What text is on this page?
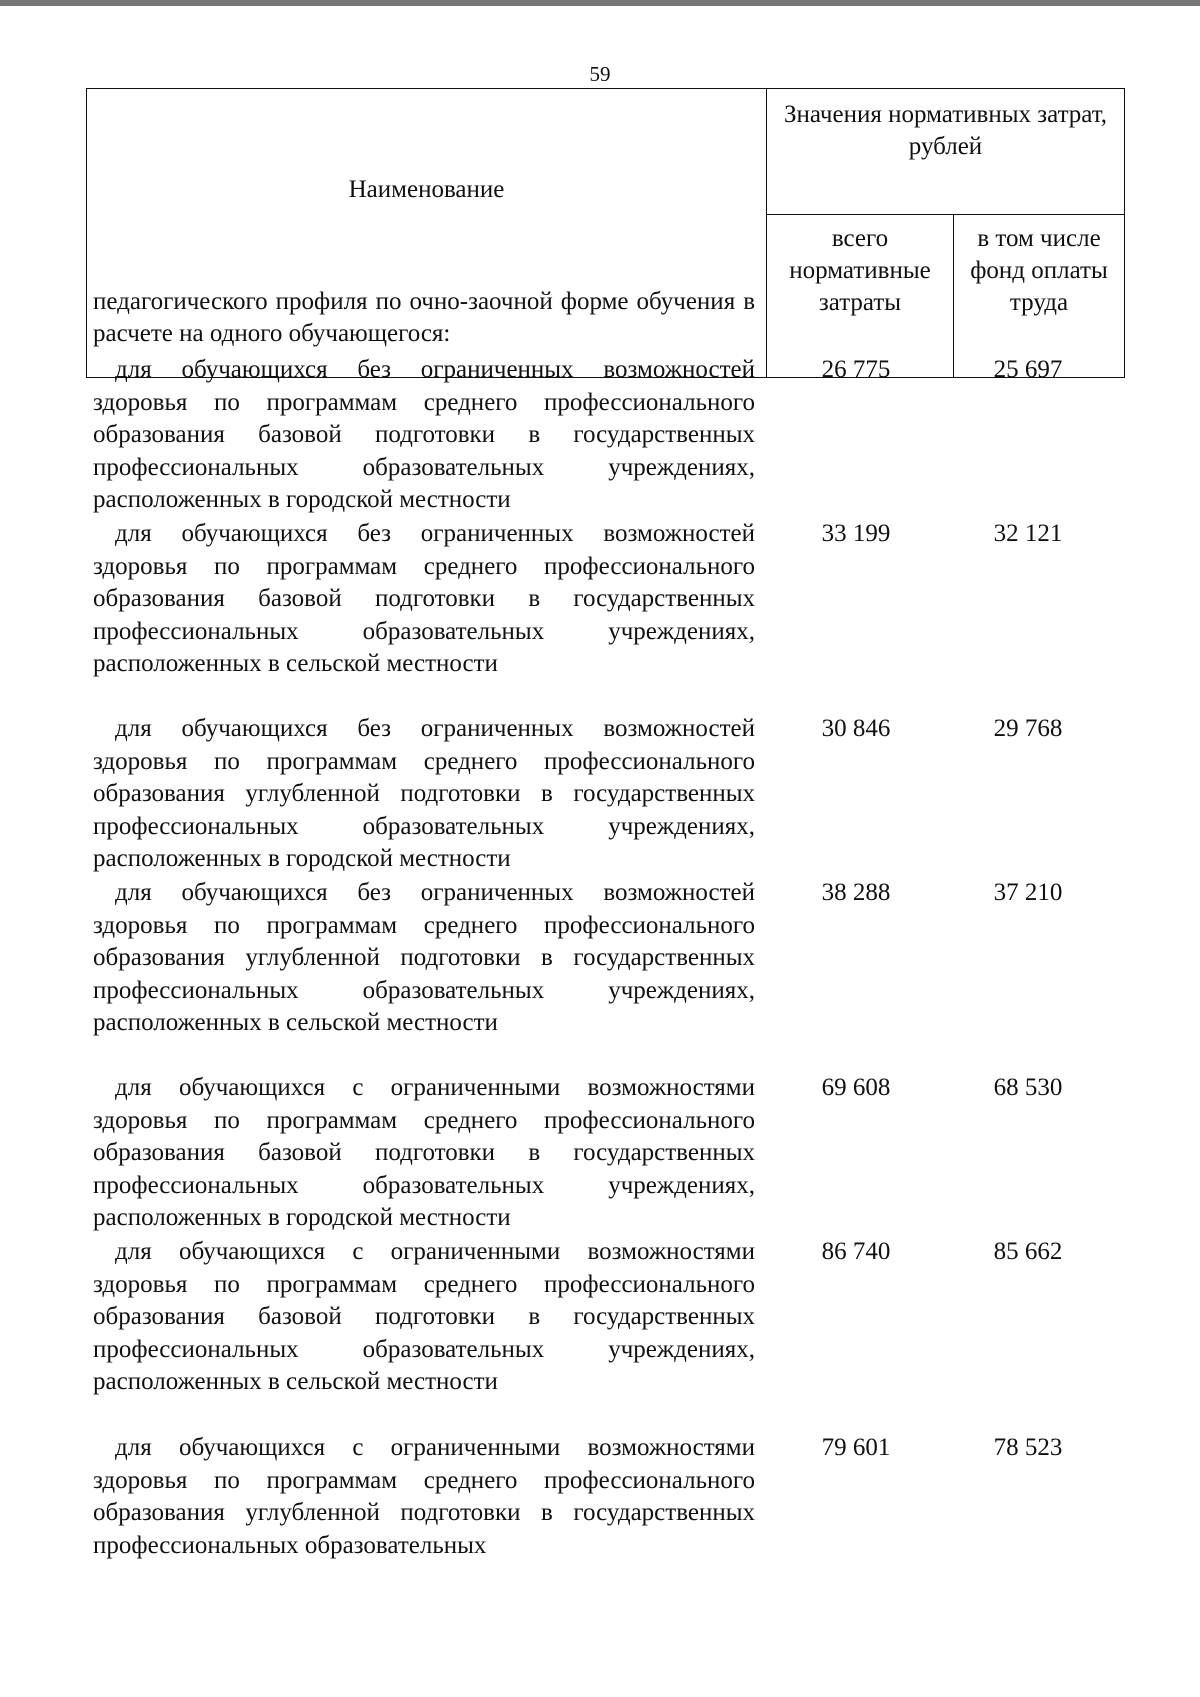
59
Наименование	Значения нормативных затрат, рублей	
	всего нормативные затраты	в том числе фонд оплаты труда
педагогического профиля по очно-заочной форме обучения в расчете на одного обучающегося:
для обучающихся без ограниченных возможностей здоровья по программам среднего профессионального образования базовой подготовки в государственных профессиональных образовательных учреждениях, расположенных в городской местности
26 775	25 697
для обучающихся без ограниченных возможностей здоровья по программам среднего профессионального образования базовой подготовки в государственных профессиональных образовательных учреждениях, расположенных в сельской местности
33 199	32 121
для обучающихся без ограниченных возможностей здоровья по программам среднего профессионального образования углубленной подготовки в государственных профессиональных образовательных учреждениях, расположенных в городской местности
30 846	29 768
для обучающихся без ограниченных возможностей здоровья по программам среднего профессионального образования углубленной подготовки в государственных профессиональных образовательных учреждениях, расположенных в сельской местности
38 288	37 210
для обучающихся с ограниченными возможностями здоровья по программам среднего профессионального образования базовой подготовки в государственных профессиональных образовательных учреждениях, расположенных в городской местности
69 608	68 530
для обучающихся с ограниченными возможностями здоровья по программам среднего профессионального образования базовой подготовки в государственных профессиональных образовательных учреждениях, расположенных в сельской местности
86 740	85 662
для обучающихся с ограниченными возможностями здоровья по программам среднего профессионального образования углубленной подготовки в государственных профессиональных образовательных
79 601	78 523
